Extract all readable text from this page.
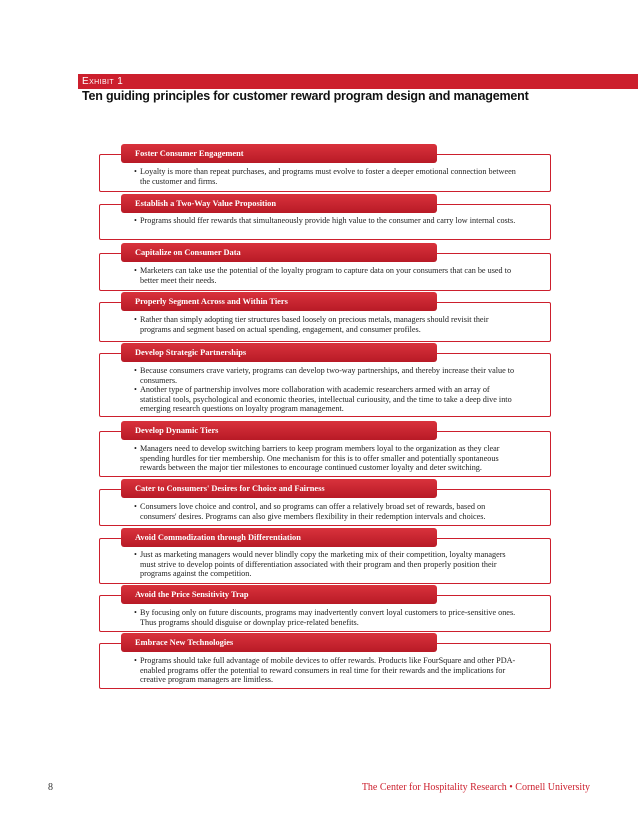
Exhibit 1
Ten guiding principles for customer reward program design and management
Foster Consumer Engagement
• Loyalty is more than repeat purchases, and programs must evolve to foster a deeper emotional connection between the customer and firms.
Establish a Two-Way Value Proposition
• Programs should ffer rewards that simultaneously provide high value to the consumer and carry low internal costs.
Capitalize on Consumer Data
• Marketers can take use the potential of the loyalty program to capture data on your consumers that can be used to better meet their needs.
Properly Segment Across and Within Tiers
• Rather than simply adopting tier structures based loosely on precious metals, managers should revisit their programs and segment based on actual spending, engagement, and consumer profiles.
Develop Strategic Partnerships
• Because consumers crave variety, programs can develop two-way partnerships, and thereby increase their value to consumers.
• Another type of partnership involves more collaboration with academic researchers armed with an array of statistical tools, psychological and economic theories, intellectual curiousity, and the time to take a deep dive into emerging research questions on loyalty program management.
Develop Dynamic Tiers
• Managers need to develop switching barriers to keep program members loyal to the organization as they clear spending hurdles for tier membership. One mechanism for this is to offer smaller and potentially spontaneous rewards between the major tier milestones to encourage continued customer loyalty and deter switching.
Cater to Consumers' Desires for Choice and Fairness
• Consumers love choice and control, and so programs can offer a relatively broad set of rewards, based on consumers' desires. Programs can also give members flexibility in their redemption intervals and choices.
Avoid Commodization through Differentiation
• Just as marketing managers would never blindly copy the marketing mix of their competition, loyalty managers must strive to develop points of differentiation associated with their program and then properly position their programs against the competition.
Avoid the Price Sensitivity Trap
• By focusing only on future discounts, programs may inadvertently convert loyal customers to price-sensitive ones. Thus programs should disguise or downplay price-related benefits.
Embrace New Technologies
• Programs should take full advantage of mobile devices to offer rewards. Products like FourSquare and other PDA-enabled programs offer the potential to reward consumers in real time for their rewards and the implications for creative program managers are limitless.
8	The Center for Hospitality Research • Cornell University
